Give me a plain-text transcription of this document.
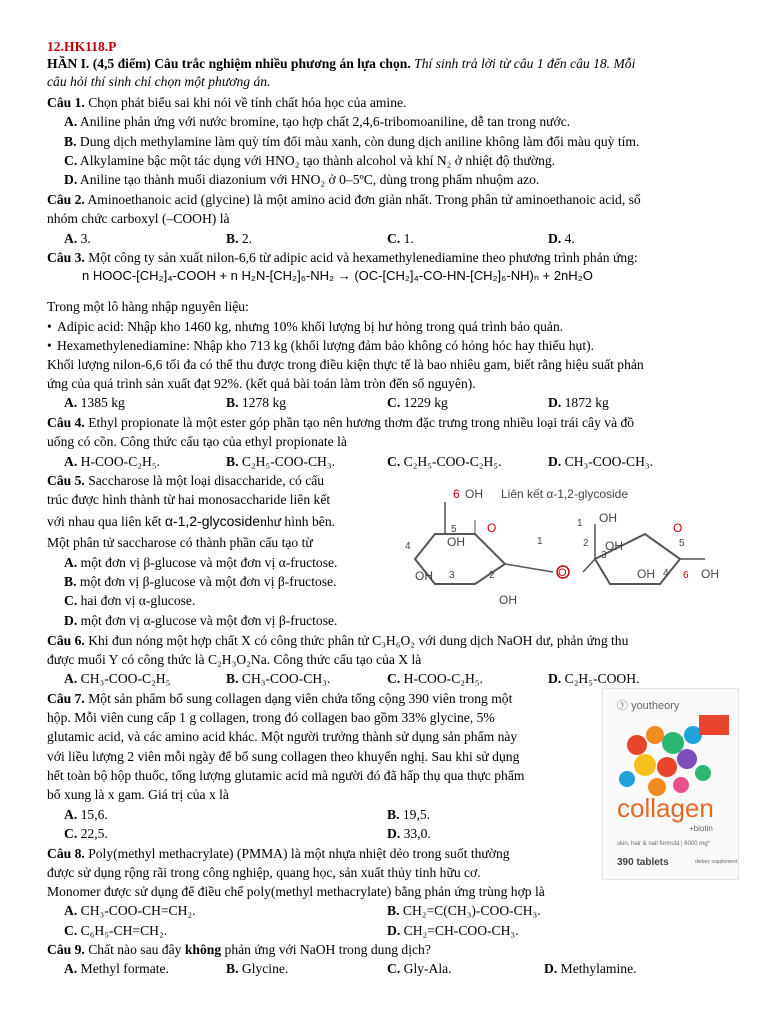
12.HK118.P
HẦN I. (4,5 điểm) Câu trắc nghiệm nhiều phương án lựa chọn. Thí sinh trả lời từ câu 1 đến câu 18. Mỗi
câu hỏi thí sinh chỉ chọn một phương án.
Câu 1. Chọn phát biểu sai khi nói về tính chất hóa học của amine.
A. Aniline phản ứng với nước bromine, tạo hợp chất 2,4,6-tribomoaniline, dễ tan trong nước.
B. Dung dịch methylamine làm quỳ tím đổi màu xanh, còn dung dịch aniline không làm đổi màu quỳ tím.
C. Alkylamine bậc một tác dụng với HNO₂ tạo thành alcohol và khí N₂ ở nhiệt độ thường.
D. Aniline tạo thành muối diazonium với HNO₂ ở 0–5ºC, dùng trong phẩm nhuộm azo.
Câu 2. Aminoethanoic acid (glycine) là một amino acid đơn giản nhất. Trong phân tử aminoethanoic acid, số
nhóm chức carboxyl (–COOH) là
A. 3.	B. 2.	C. 1.	D. 4.
Câu 3. Một công ty sản xuất nilon-6,6 từ adipic acid và hexamethylenediamine theo phương trình phản ứng:
n HOOC-[CH₂]₄-COOH + n H₂N-[CH₂]₆-NH₂ → (OC-[CH₂]₄-CO-HN-[CH₂]₆-NH)ₙ + 2nH₂O
Trong một lô hàng nhập nguyên liệu:
• Adipic acid: Nhập kho 1460 kg, nhưng 10% khối lượng bị hư hỏng trong quá trình bảo quản.
• Hexamethylenediamine: Nhập kho 713 kg (khối lượng đảm bảo không có hỏng hóc hay thiếu hụt).
Khối lượng nilon-6,6 tối đa có thể thu được trong điều kiện thực tế là bao nhiêu gam, biết rằng hiệu suất phản
ứng của quá trình sản xuất đạt 92%. (kết quả bài toán làm tròn đến số nguyên).
A. 1385 kg	B. 1278 kg	C. 1229 kg	D. 1872 kg
Câu 4. Ethyl propionate là một ester góp phần tạo nên hương thơm đặc trưng trong nhiều loại trái cây và đồ
uống có cồn. Công thức cấu tạo của ethyl propionate là
A. H-COO-C₂H₅.	B. C₂H₅-COO-CH₃.	C. C₂H₅-COO-C₂H₅.	D. CH₃-COO-CH₃.
Câu 5. Saccharose là một loại disaccharide, có cấu
trúc được hình thành từ hai monosaccharide liên kết
với nhau qua liên kết α-1,2-glycosidenhư hình bên.
Một phân tử saccharose có thành phần cấu tạo từ
A. một đơn vị β-glucose và một đơn vị α-fructose.
B. một đơn vị β-glucose và một đơn vị β-fructose.
C. hai đơn vị α-glucose.
D. một đơn vị α-glucose và một đơn vị β-fructose.
Liên kết α-1,2-glycoside
6 OH
5	O
4
OH 3	2
1
OH
OH
O
1 OH
2	5
O
3
4 6
OH
OH	OH
Câu 6. Khi đun nóng một hợp chất X có công thức phân tử C₃H₆O₂ với dung dịch NaOH dư, phản ứng thu
được muối Y có công thức là C₂H₃O₂Na. Công thức cấu tạo của X là
A. CH₃-COO-C₂H₅	B. CH₃-COO-CH₃.	C. H-COO-C₂H₅.	D. C₂H₅-COOH.
Câu 7. Một sản phẩm bổ sung collagen dạng viên chứa tổng cộng 390 viên trong một
hộp. Mỗi viên cung cấp 1 g collagen, trong đó collagen bao gồm 33% glycine, 5%
glutamic acid, và các amino acid khác. Một người trưởng thành sử dụng sản phẩm này
với liều lượng 2 viên mỗi ngày để bổ sung collagen theo khuyến nghị. Sau khi sử dụng
hết toàn bộ hộp thuốc, tổng lượng glutamic acid mà người đó đã hấp thụ qua thực phẩm
bổ xung là x gam. Giá trị của x là
A. 15,6.	B. 19,5.
C. 22,5.	D. 33,0.
ⓨ youtheory
collagen
+biotin
skin, hair & nail formula | 6000 mg*
390 tablets	dietary supplement
Câu 8. Poly(methyl methacrylate) (PMMA) là một nhựa nhiệt dẻo trong suốt thường
được sử dụng rộng rãi trong công nghiệp, quang học, sản xuất thủy tinh hữu cơ.
Monomer được sử dụng để điều chế poly(methyl methacrylate) bằng phản ứng trùng hợp là
A. CH₃-COO-CH=CH₂.	B. CH₂=C(CH₃)-COO-CH₃.
C. C₆H₅-CH=CH₂.	D. CH₂=CH-COO-CH₃.
Câu 9. Chất nào sau đây không phản ứng với NaOH trong dung dịch?
A. Methyl formate.	B. Glycine.	C. Gly-Ala.	D. Methylamine.
